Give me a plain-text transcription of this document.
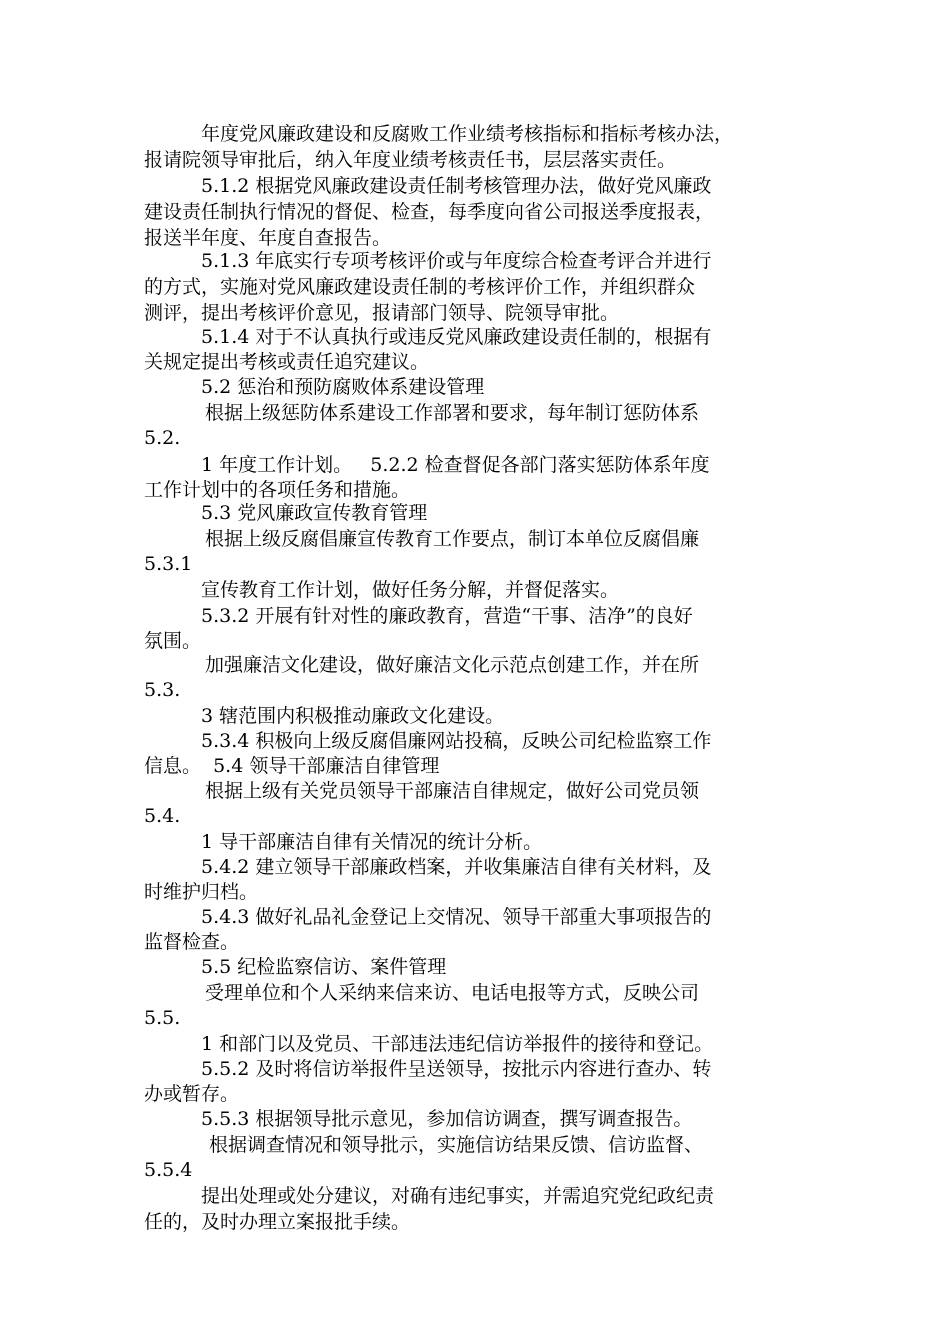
年度党风廉政建设和反腐败工作业绩考核指标和指标考核办法，
报请院领导审批后，纳入年度业绩考核责任书，层层落实责任。
5.1.2 根据党风廉政建设责任制考核管理办法，做好党风廉政
建设责任制执行情况的督促、检查，每季度向省公司报送季度报表，
报送半年度、年度自查报告。
5.1.3 年底实行专项考核评价或与年度综合检查考评合并进行
的方式，实施对党风廉政建设责任制的考核评价工作，并组织群众
测评，提出考核评价意见，报请部门领导、院领导审批。
5.1.4 对于不认真执行或违反党风廉政建设责任制的，根据有
关规定提出考核或责任追究建议。
5.2 惩治和预防腐败体系建设管理
根据上级惩防体系建设工作部署和要求，每年制订惩防体系
5.2.
1 年度工作计划。   5.2.2 检查督促各部门落实惩防体系年度
工作计划中的各项任务和措施。
5.3 党风廉政宣传教育管理
根据上级反腐倡廉宣传教育工作要点，制订本单位反腐倡廉
5.3.1
宣传教育工作计划，做好任务分解，并督促落实。
5.3.2 开展有针对性的廉政教育，营造“干事、洁净”的良好
氛围。
加强廉洁文化建设，做好廉洁文化示范点创建工作，并在所
5.3.
3 辖范围内积极推动廉政文化建设。
5.3.4 积极向上级反腐倡廉网站投稿，反映公司纪检监察工作
信息。  5.4 领导干部廉洁自律管理
根据上级有关党员领导干部廉洁自律规定，做好公司党员领
5.4.
1 导干部廉洁自律有关情况的统计分析。
5.4.2 建立领导干部廉政档案，并收集廉洁自律有关材料，及
时维护归档。
5.4.3 做好礼品礼金登记上交情况、领导干部重大事项报告的
监督检查。
5.5 纪检监察信访、案件管理
受理单位和个人采纳来信来访、电话电报等方式，反映公司
5.5.
1 和部门以及党员、干部违法违纪信访举报件的接待和登记。
5.5.2 及时将信访举报件呈送领导，按批示内容进行查办、转
办或暂存。
5.5.3 根据领导批示意见，参加信访调查，撰写调查报告。
根据调查情况和领导批示，实施信访结果反馈、信访监督、
5.5.4
提出处理或处分建议，对确有违纪事实，并需追究党纪政纪责
任的，及时办理立案报批手续。
